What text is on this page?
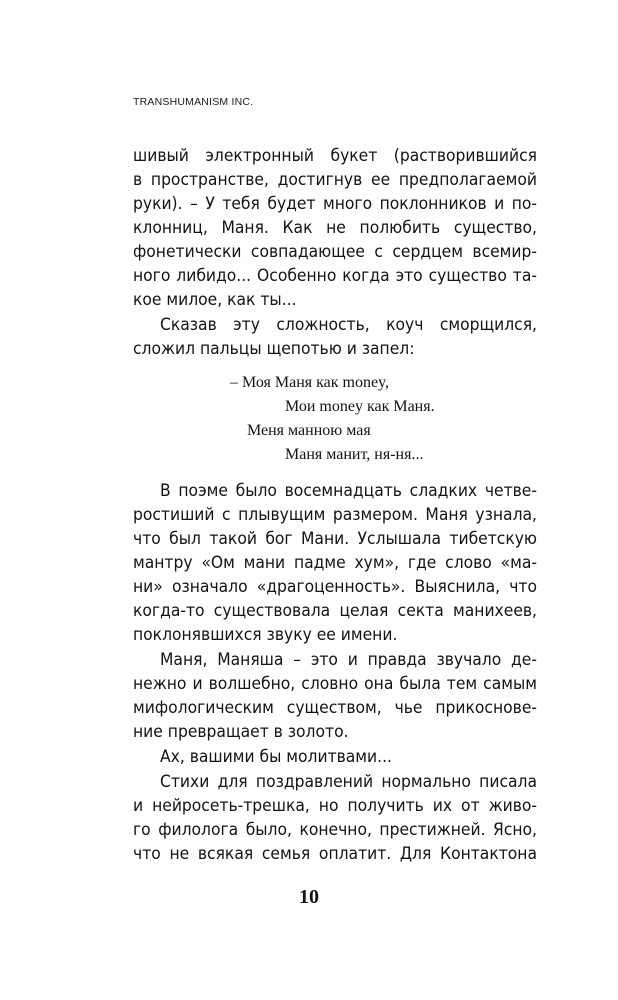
TRANSHUMANISM INC.
шивый электронный букет (растворившийся
в пространстве, достигнув ее предполагаемой
руки). – У тебя будет много поклонников и по-
клонниц, Маня. Как не полюбить существо,
фонетически совпадающее с сердцем всемир-
ного либидо... Особенно когда это существо та-
кое милое, как ты...
Сказав эту сложность, коуч сморщился,
сложил пальцы щепотью и запел:
– Моя Маня как money,
Мои money как Маня.
Меня манною мая
Маня манит, ня-ня...
В поэме было восемнадцать сладких четве-
ростиший с плывущим размером. Маня узнала,
что был такой бог Мани. Услышала тибетскую
мантру «Ом мани падме хум», где слово «ма-
ни» означало «драгоценность». Выяснила, что
когда-то существовала целая секта манихеев,
поклонявшихся звуку ее имени.
Маня, Маняша – это и правда звучало де-
нежно и волшебно, словно она была тем самым
мифологическим существом, чье прикоснове-
ние превращает в золото.
Ах, вашими бы молитвами...
Стихи для поздравлений нормально писала
и нейросеть-трешка, но получить их от живо-
го филолога было, конечно, престижней. Ясно,
что не всякая семья оплатит. Для Контактона
10
